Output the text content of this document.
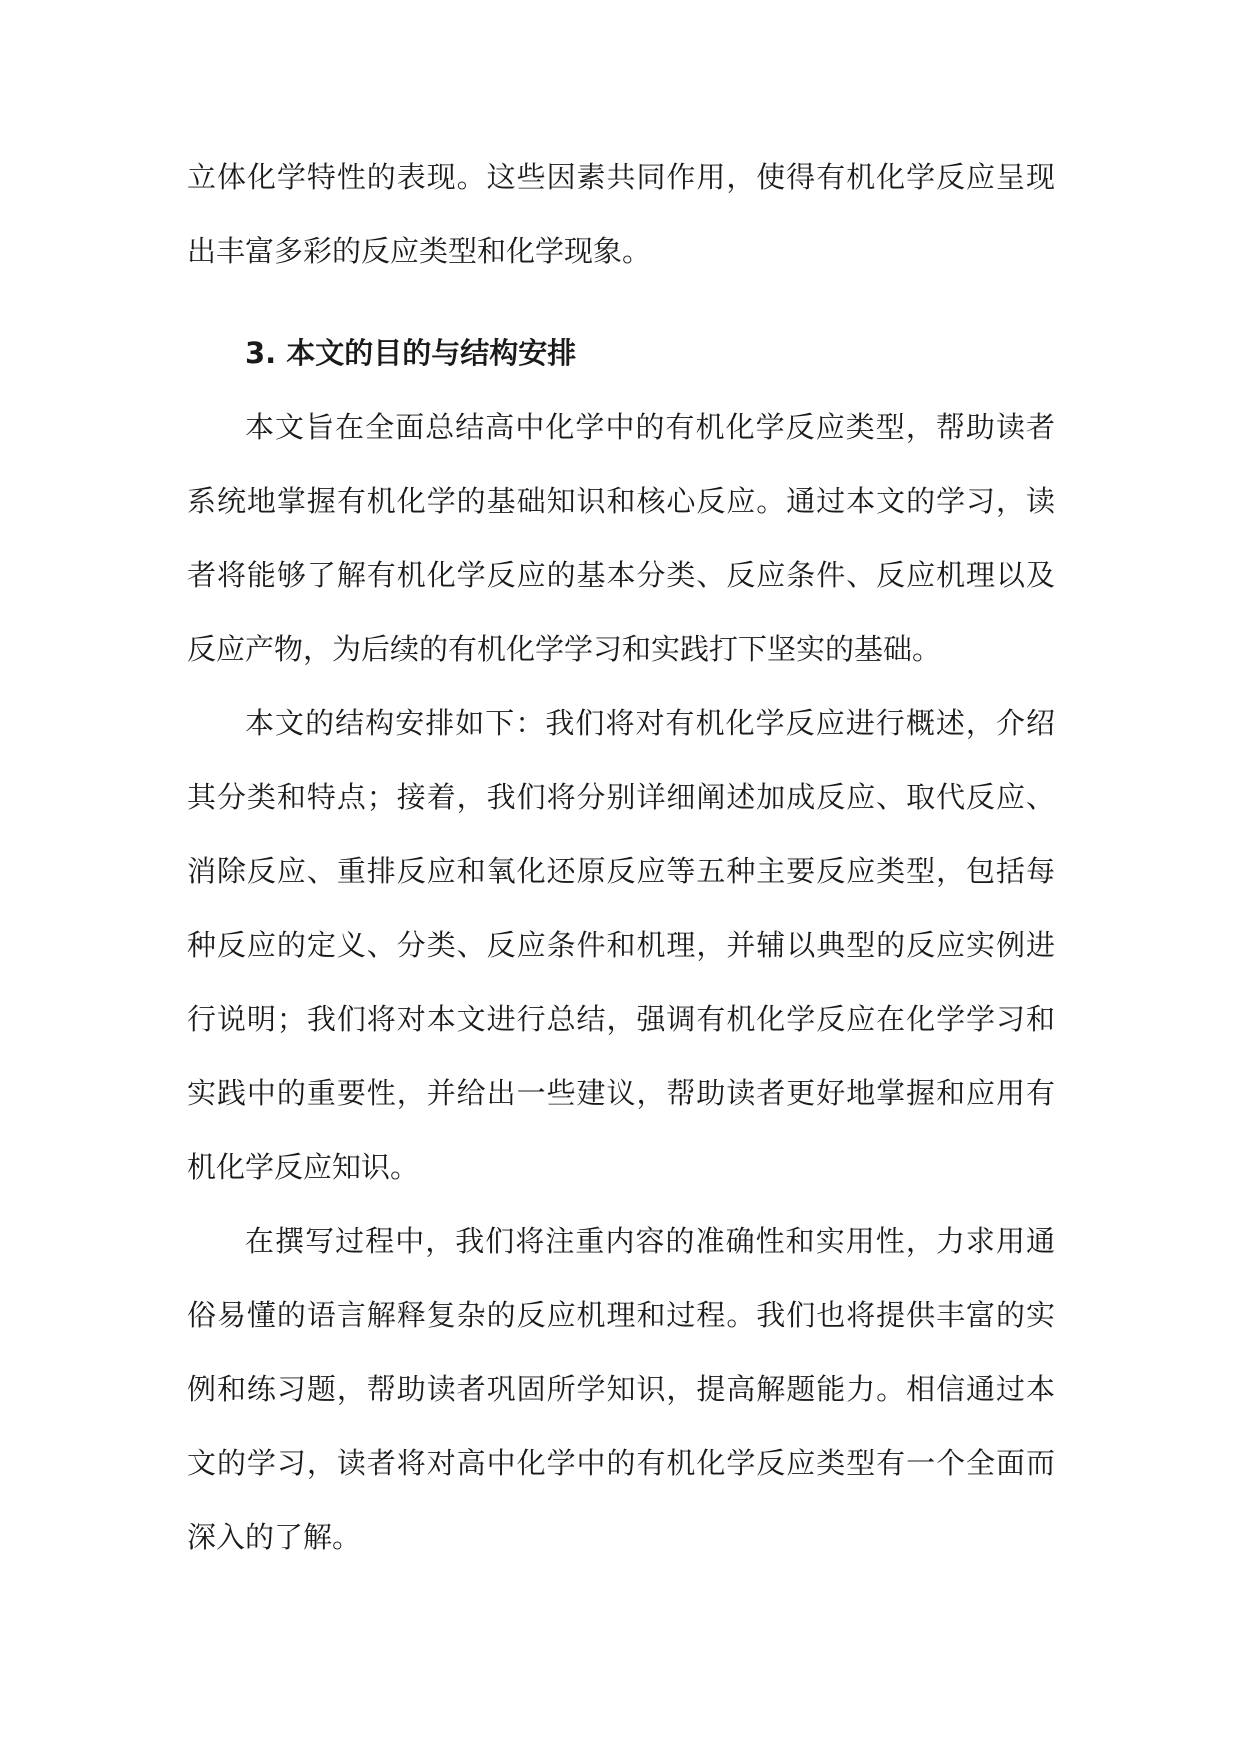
立体化学特性的表现。这些因素共同作用，使得有机化学反应呈现出丰富多彩的反应类型和化学现象。

3. 本文的目的与结构安排

本文旨在全面总结高中化学中的有机化学反应类型，帮助读者系统地掌握有机化学的基础知识和核心反应。通过本文的学习，读者将能够了解有机化学反应的基本分类、反应条件、反应机理以及反应产物，为后续的有机化学学习和实践打下坚实的基础。

本文的结构安排如下：我们将对有机化学反应进行概述，介绍其分类和特点；接着，我们将分别详细阐述加成反应、取代反应、消除反应、重排反应和氧化还原反应等五种主要反应类型，包括每种反应的定义、分类、反应条件和机理，并辅以典型的反应实例进行说明；我们将对本文进行总结，强调有机化学反应在化学学习和实践中的重要性，并给出一些建议，帮助读者更好地掌握和应用有机化学反应知识。

在撰写过程中，我们将注重内容的准确性和实用性，力求用通俗易懂的语言解释复杂的反应机理和过程。我们也将提供丰富的实例和练习题，帮助读者巩固所学知识，提高解题能力。相信通过本文的学习，读者将对高中化学中的有机化学反应类型有一个全面而深入的了解。
